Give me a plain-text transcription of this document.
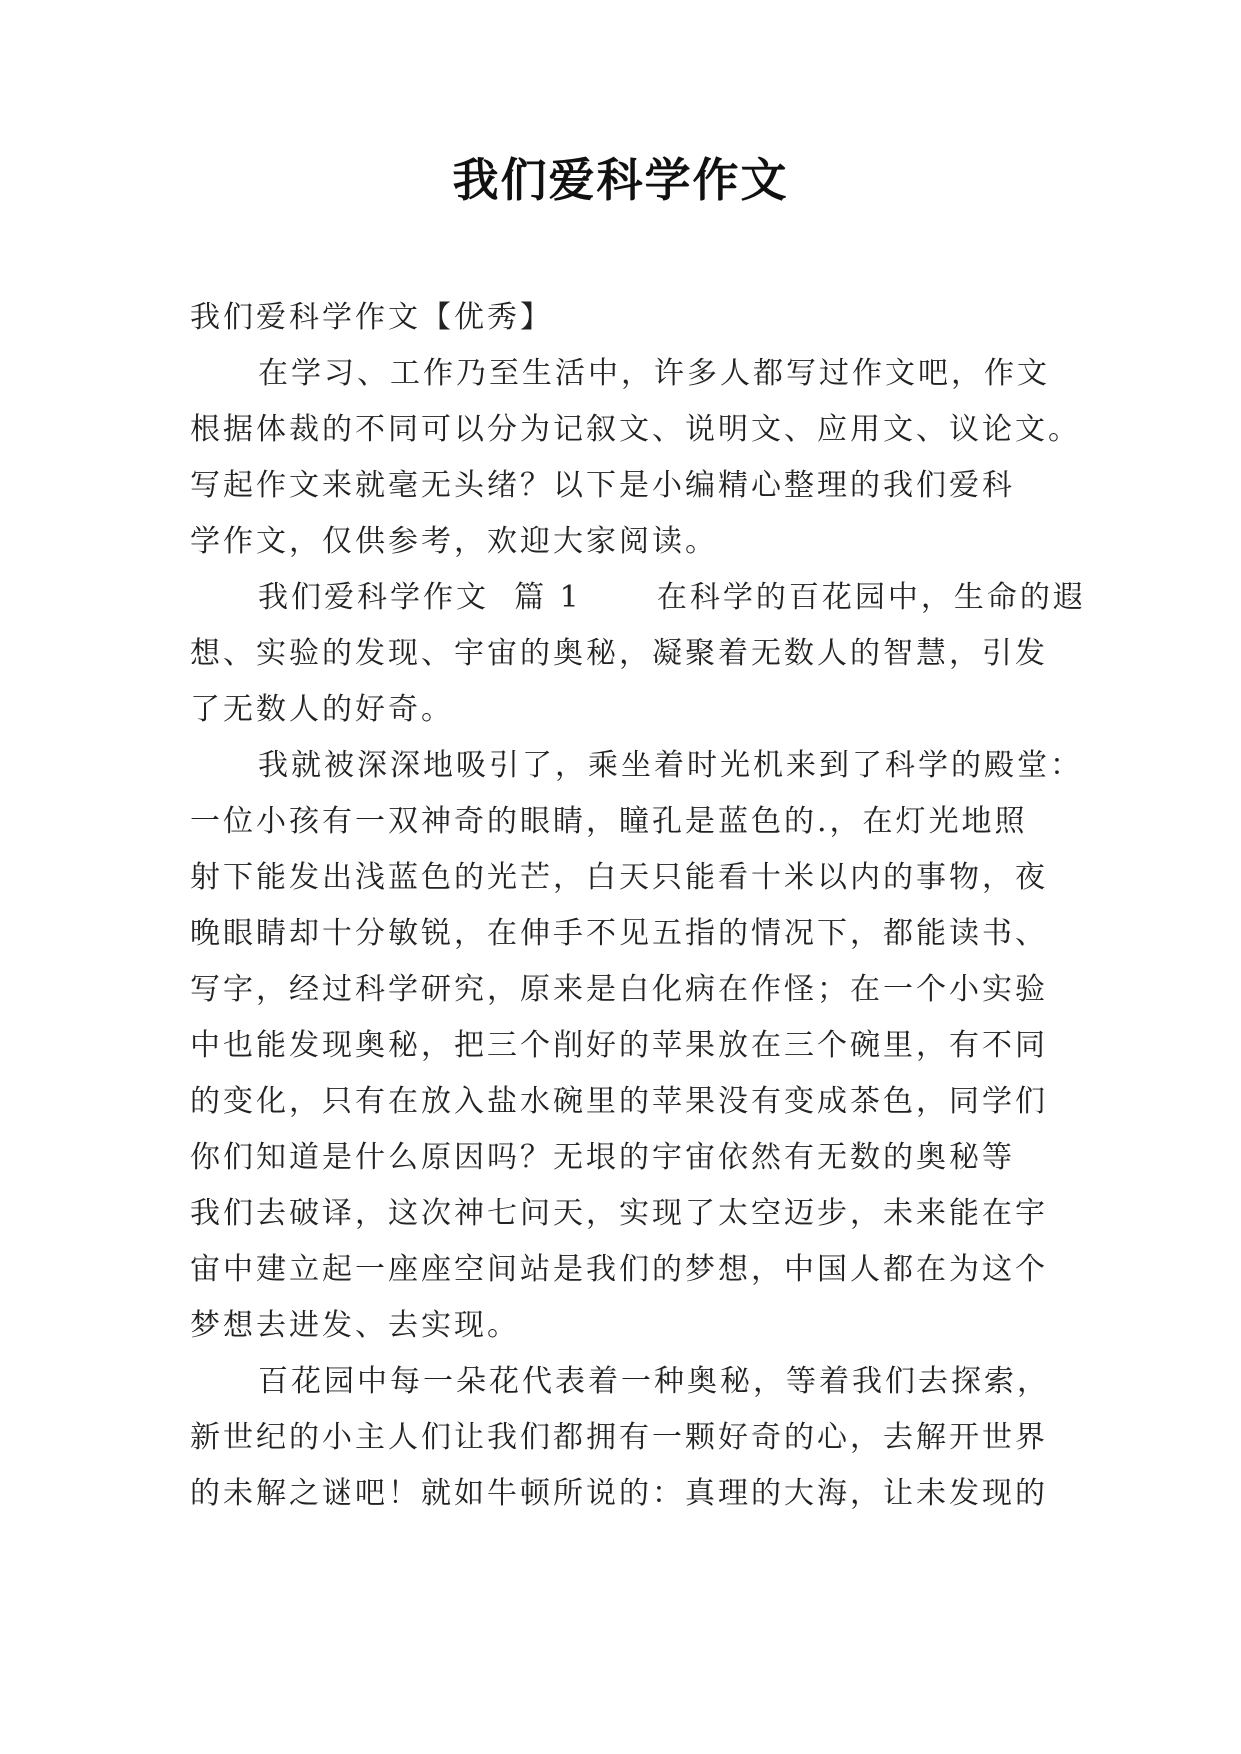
我们爱科学作文
我们爱科学作文【优秀】
在学习、工作乃至生活中，许多人都写过作文吧，作文
根据体裁的不同可以分为记叙文、说明文、应用文、议论文。
写起作文来就毫无头绪？以下是小编精心整理的我们爱科
学作文，仅供参考，欢迎大家阅读。
我们爱科学作文  篇 1      在科学的百花园中，生命的遐
想、实验的发现、宇宙的奥秘，凝聚着无数人的智慧，引发
了无数人的好奇。
我就被深深地吸引了，乘坐着时光机来到了科学的殿堂：
一位小孩有一双神奇的眼睛，瞳孔是蓝色的.，在灯光地照
射下能发出浅蓝色的光芒，白天只能看十米以内的事物，夜
晚眼睛却十分敏锐，在伸手不见五指的情况下，都能读书、
写字，经过科学研究，原来是白化病在作怪；在一个小实验
中也能发现奥秘，把三个削好的苹果放在三个碗里，有不同
的变化，只有在放入盐水碗里的苹果没有变成茶色，同学们
你们知道是什么原因吗？无垠的宇宙依然有无数的奥秘等
我们去破译，这次神七问天，实现了太空迈步，未来能在宇
宙中建立起一座座空间站是我们的梦想，中国人都在为这个
梦想去进发、去实现。
百花园中每一朵花代表着一种奥秘，等着我们去探索，
新世纪的小主人们让我们都拥有一颗好奇的心，去解开世界
的未解之谜吧！就如牛顿所说的：真理的大海，让未发现的
